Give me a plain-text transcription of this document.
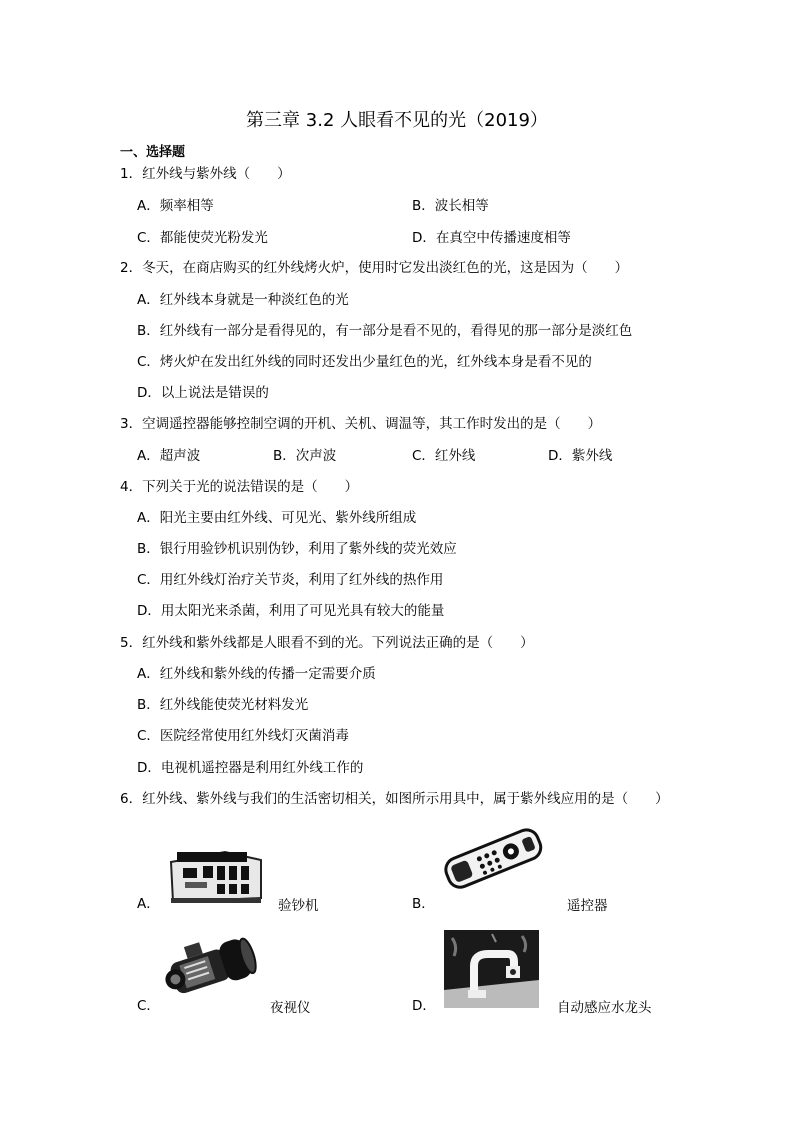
第三章 3.2 人眼看不见的光（2019）
一、选择题
1．红外线与紫外线（　　）
A．频率相等	B．波长相等
C．都能使荧光粉发光	D．在真空中传播速度相等
2．冬天，在商店购买的红外线烤火炉，使用时它发出淡红色的光，这是因为（　　）
A．红外线本身就是一种淡红色的光
B．红外线有一部分是看得见的，有一部分是看不见的，看得见的那一部分是淡红色
C．烤火炉在发出红外线的同时还发出少量红色的光，红外线本身是看不见的
D．以上说法是错误的
3．空调遥控器能够控制空调的开机、关机、调温等，其工作时发出的是（　　）
A．超声波	B．次声波	C．红外线	D．紫外线
4．下列关于光的说法错误的是（　　）
A．阳光主要由红外线、可见光、紫外线所组成
B．银行用验钞机识别伪钞，利用了紫外线的荧光效应
C．用红外线灯治疗关节炎，利用了红外线的热作用
D．用太阳光来杀菌，利用了可见光具有较大的能量
5．红外线和紫外线都是人眼看不到的光。下列说法正确的是（　　）
A．红外线和紫外线的传播一定需要介质
B．红外线能使荧光材料发光
C．医院经常使用红外线灯灭菌消毒
D．电视机遥控器是利用红外线工作的
6．红外线、紫外线与我们的生活密切相关，如图所示用具中，属于紫外线应用的是（　　）
A．	验钞机	B．	遥控器
C．	夜视仪	D．	自动感应水龙头
